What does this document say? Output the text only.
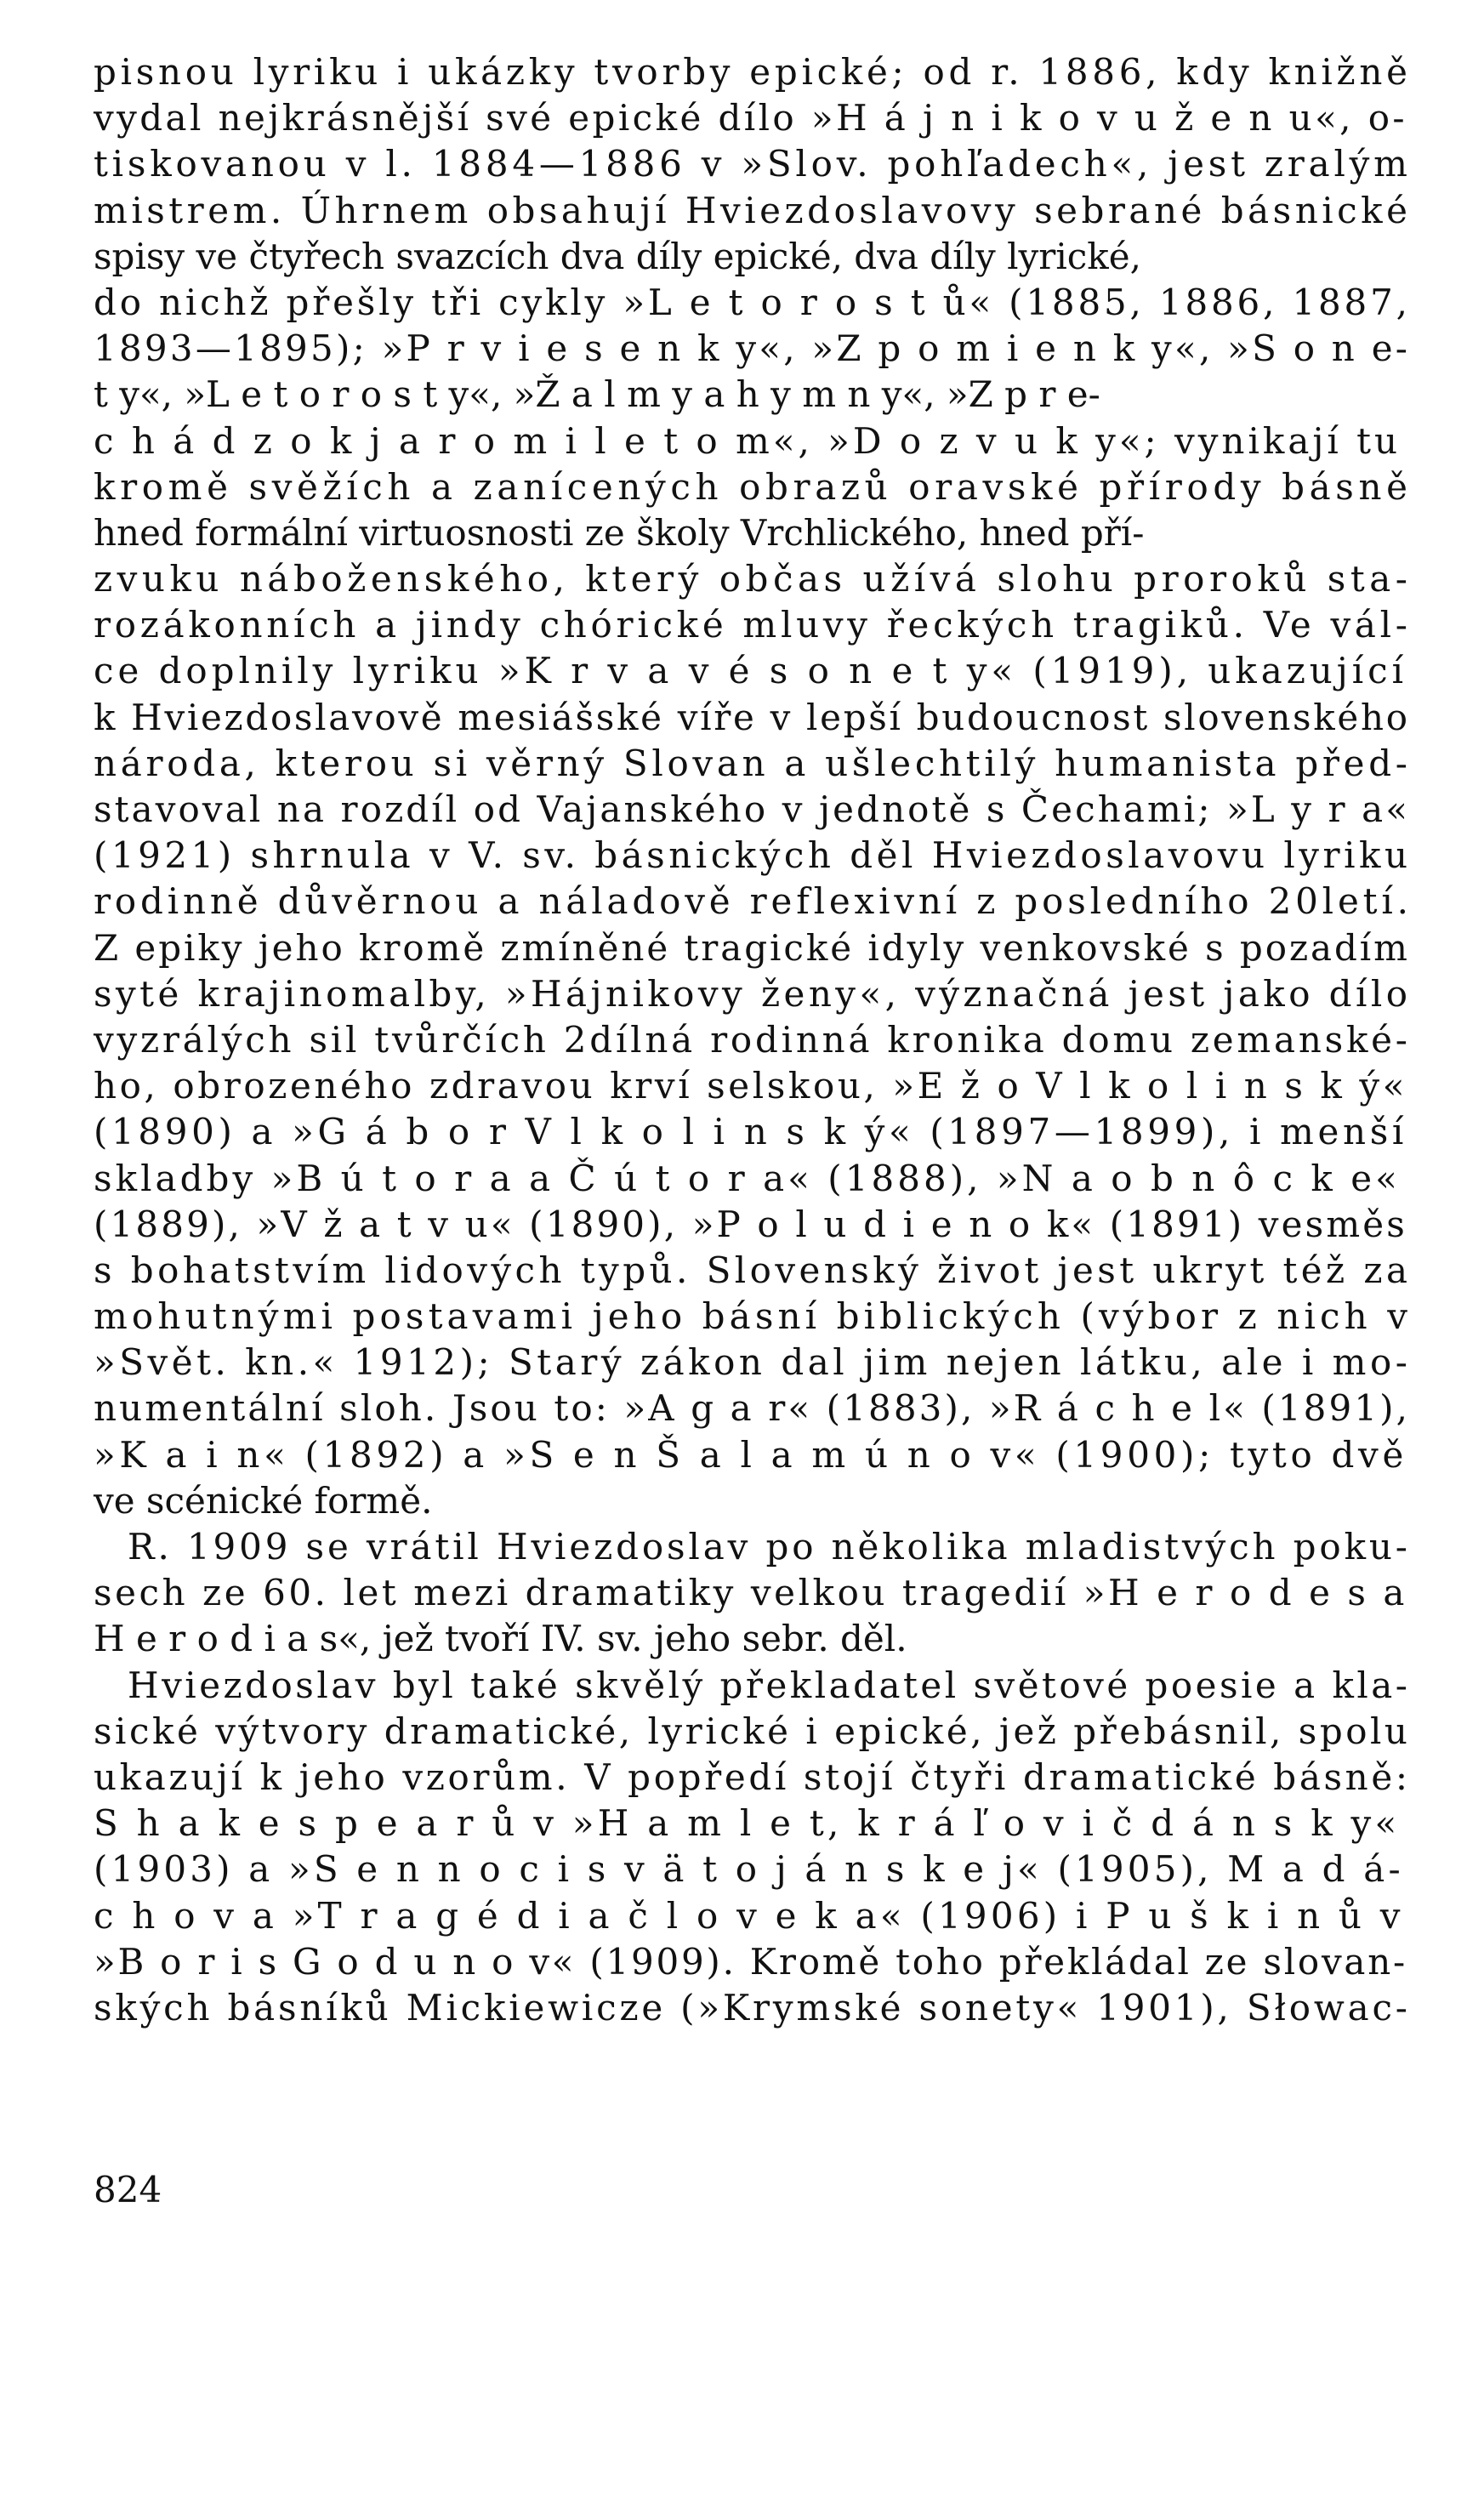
pisnou lyriku i ukázky tvorby epické; od r. 1886, kdy knižně
vydal nejkrásnější své epické dílo »H á j n i k o v u ž e n u«, o-
tiskovanou v l. 1884—1886 v »Slov. pohľadech«, jest zralým
mistrem. Úhrnem obsahují Hviezdoslavovy sebrané básnické
spisy ve čtyřech svazcích dva díly epické, dva díly lyrické,
do nichž přešly tři cykly »L e t o r o s t ů« (1885, 1886, 1887,
1893—1895); »P r v i e s e n k y«, »Z p o m i e n k y«, »S o n e-
t y«, »L e t o r o s t y«, »Ž a l m y a h y m n y«, »Z p r e-
c h á d z o k j a r o m i l e t o m«, »D o z v u k y«; vynikají tu
kromě svěžích a zanícených obrazů oravské přírody básně
hned formální virtuosnosti ze školy Vrchlického, hned pří-
zvuku náboženského, který občas užívá slohu proroků sta-
rozákonních a jindy chórické mluvy řeckých tragiků. Ve vál-
ce doplnily lyriku »K r v a v é s o n e t y« (1919), ukazující
k Hviezdoslavově mesiášské víře v lepší budoucnost slovenského
národa, kterou si věrný Slovan a ušlechtilý humanista před-
stavoval na rozdíl od Vajanského v jednotě s Čechami; »L y r a«
(1921) shrnula v V. sv. básnických děl Hviezdoslavovu lyriku
rodinně důvěrnou a náladově reflexivní z posledního 20letí.
Z epiky jeho kromě zmíněné tragické idyly venkovské s pozadím
syté krajinomalby, »Hájnikovy ženy«, význačná jest jako dílo
vyzrálých sil tvůrčích 2dílná rodinná kronika domu zemanské-
ho, obrozeného zdravou krví selskou, »E ž o V l k o l i n s k ý«
(1890) a »G á b o r V l k o l i n s k ý« (1897—1899), i menší
skladby »B ú t o r a a Č ú t o r a« (1888), »N a o b n ô c k e«
(1889), »V ž a t v u« (1890), »P o l u d i e n o k« (1891) vesměs
s bohatstvím lidových typů. Slovenský život jest ukryt též za
mohutnými postavami jeho básní biblických (výbor z nich v
»Svět. kn.« 1912); Starý zákon dal jim nejen látku, ale i mo-
numentální sloh. Jsou to: »A g a r« (1883), »R á c h e l« (1891),
»K a i n« (1892) a »S e n Š a l a m ú n o v« (1900); tyto dvě
ve scénické formě.
R. 1909 se vrátil Hviezdoslav po několika mladistvých poku-
sech ze 60. let mezi dramatiky velkou tragedií »H e r o d e s a
H e r o d i a s«, jež tvoří IV. sv. jeho sebr. děl.
Hviezdoslav byl také skvělý překladatel světové poesie a kla-
sické výtvory dramatické, lyrické i epické, jež přebásnil, spolu
ukazují k jeho vzorům. V popředí stojí čtyři dramatické básně:
S h a k e s p e a r ů v »H a m l e t, k r á ľ o v i č d á n s k y«
(1903) a »S e n n o c i s v ä t o j á n s k e j« (1905), M a d á-
c h o v a »T r a g é d i a č l o v e k a« (1906) i P u š k i n ů v
»B o r i s G o d u n o v« (1909). Kromě toho překládal ze slovan-
ských básníků Mickiewicze (»Krymské sonety« 1901), Słowac-
824
